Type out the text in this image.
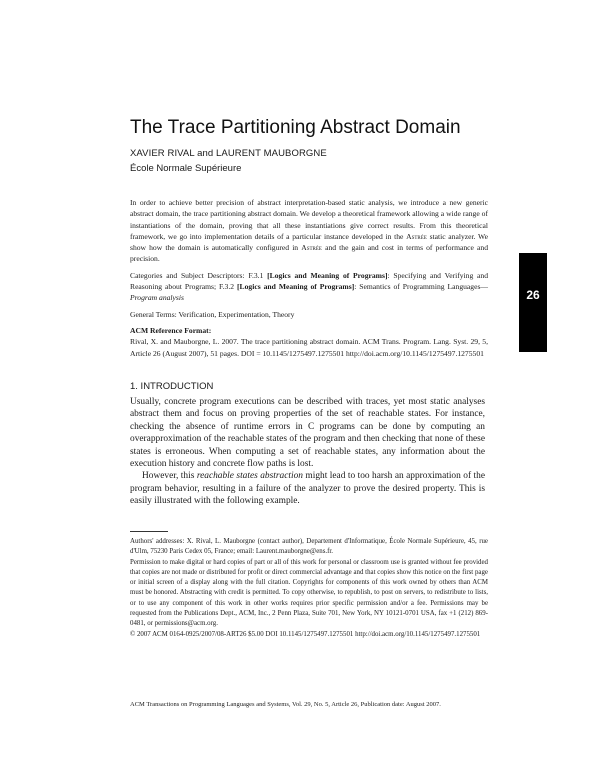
The Trace Partitioning Abstract Domain
XAVIER RIVAL and LAURENT MAUBORGNE
École Normale Supérieure

In order to achieve better precision of abstract interpretation-based static analysis, we introduce a new generic abstract domain, the trace partitioning abstract domain. We develop a theoretical framework allowing a wide range of instantiations of the domain, proving that all these instantiations give correct results. From this theoretical framework, we go into implementation details of a particular instance developed in the Astrée static analyzer. We show how the domain is automatically configured in Astrée and the gain and cost in terms of performance and precision.

Categories and Subject Descriptors: F.3.1 [Logics and Meaning of Programs]: Specifying and Verifying and Reasoning about Programs; F.3.2 [Logics and Meaning of Programs]: Semantics of Programming Languages—Program analysis

General Terms: Verification, Experimentation, Theory

ACM Reference Format:

Rival, X. and Mauborgne, L. 2007. The trace partitioning abstract domain. ACM Trans. Program. Lang. Syst. 29, 5, Article 26 (August 2007), 51 pages. DOI = 10.1145/1275497.1275501 http://doi.acm.org/10.1145/1275497.1275501

26
1. INTRODUCTION

Usually, concrete program executions can be described with traces, yet most static analyses abstract them and focus on proving properties of the set of reachable states. For instance, checking the absence of runtime errors in C programs can be done by computing an overapproximation of the reachable states of the program and then checking that none of these states is erroneous. When computing a set of reachable states, any information about the execution history and concrete flow paths is lost.

However, this reachable states abstraction might lead to too harsh an approximation of the program behavior, resulting in a failure of the analyzer to prove the desired property. This is easily illustrated with the following example.

Authors' addresses: X. Rival, L. Mauborgne (contact author), Departement d'Informatique, École Normale Supérieure, 45, rue d'Ulm, 75230 Paris Cedex 05, France; email: Laurent.mauborgne@ens.fr.

Permission to make digital or hard copies of part or all of this work for personal or classroom use is granted without fee provided that copies are not made or distributed for profit or direct commercial advantage and that copies show this notice on the first page or initial screen of a display along with the full citation. Copyrights for components of this work owned by others than ACM must be honored. Abstracting with credit is permitted. To copy otherwise, to republish, to post on servers, to redistribute to lists, or to use any component of this work in other works requires prior specific permission and/or a fee. Permissions may be requested from the Publications Dept., ACM, Inc., 2 Penn Plaza, Suite 701, New York, NY 10121-0701 USA, fax +1 (212) 869-0481, or permissions@acm.org.

© 2007 ACM 0164-0925/2007/08-ART26 $5.00 DOI 10.1145/1275497.1275501 http://doi.acm.org/10.1145/1275497.1275501

ACM Transactions on Programming Languages and Systems, Vol. 29, No. 5, Article 26, Publication date: August 2007.
